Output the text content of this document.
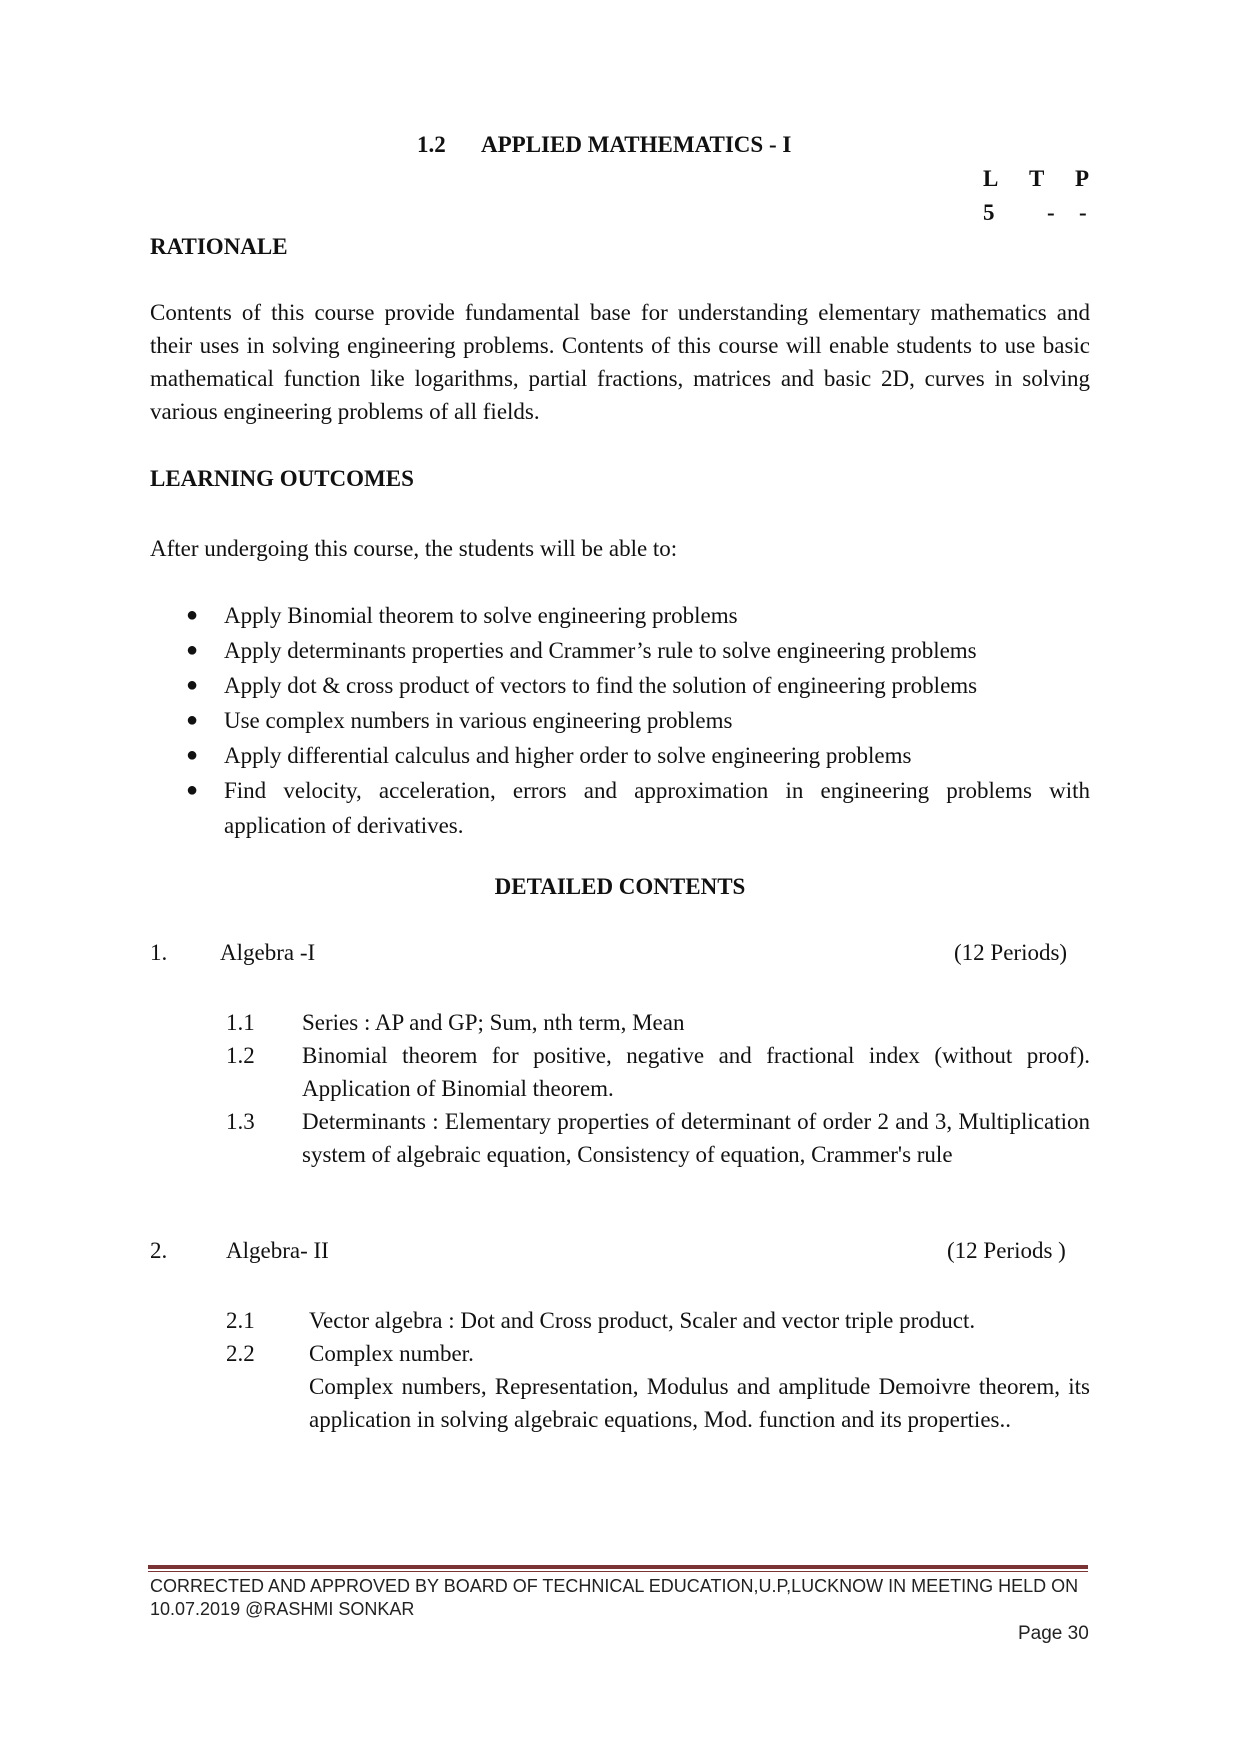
1.2 APPLIED MATHEMATICS - I
L T P
5 - -
RATIONALE
Contents of this course provide fundamental base for understanding elementary mathematics and their uses in solving engineering problems. Contents of this course will enable students to use basic mathematical function like logarithms, partial fractions, matrices and basic 2D, curves in solving various engineering problems of all fields.
LEARNING OUTCOMES
After undergoing this course, the students will be able to:
● Apply Binomial theorem to solve engineering problems
● Apply determinants properties and Crammer’s rule to solve engineering problems
● Apply dot & cross product of vectors to find the solution of engineering problems
● Use complex numbers in various engineering problems
● Apply differential calculus and higher order to solve engineering problems
● Find velocity, acceleration, errors and approximation in engineering problems with application of derivatives.
DETAILED CONTENTS
1. Algebra -I	(12 Periods)
1.1 Series : AP and GP; Sum, nth term, Mean
1.2 Binomial theorem for positive, negative and fractional index (without proof). Application of Binomial theorem.
1.3 Determinants : Elementary properties of determinant of order 2 and 3, Multiplication system of algebraic equation, Consistency of equation, Crammer's rule
2.	Algebra- II	(12 Periods )
2.1 Vector algebra : Dot and Cross product, Scaler and vector triple product.
2.2 Complex number.
Complex numbers, Representation, Modulus and amplitude Demoivre theorem, its application in solving algebraic equations, Mod. function and its properties..
CORRECTED AND APPROVED BY BOARD OF TECHNICAL EDUCATION,U.P,LUCKNOW IN MEETING HELD ON 10.07.2019 @RASHMI SONKAR
Page 30
